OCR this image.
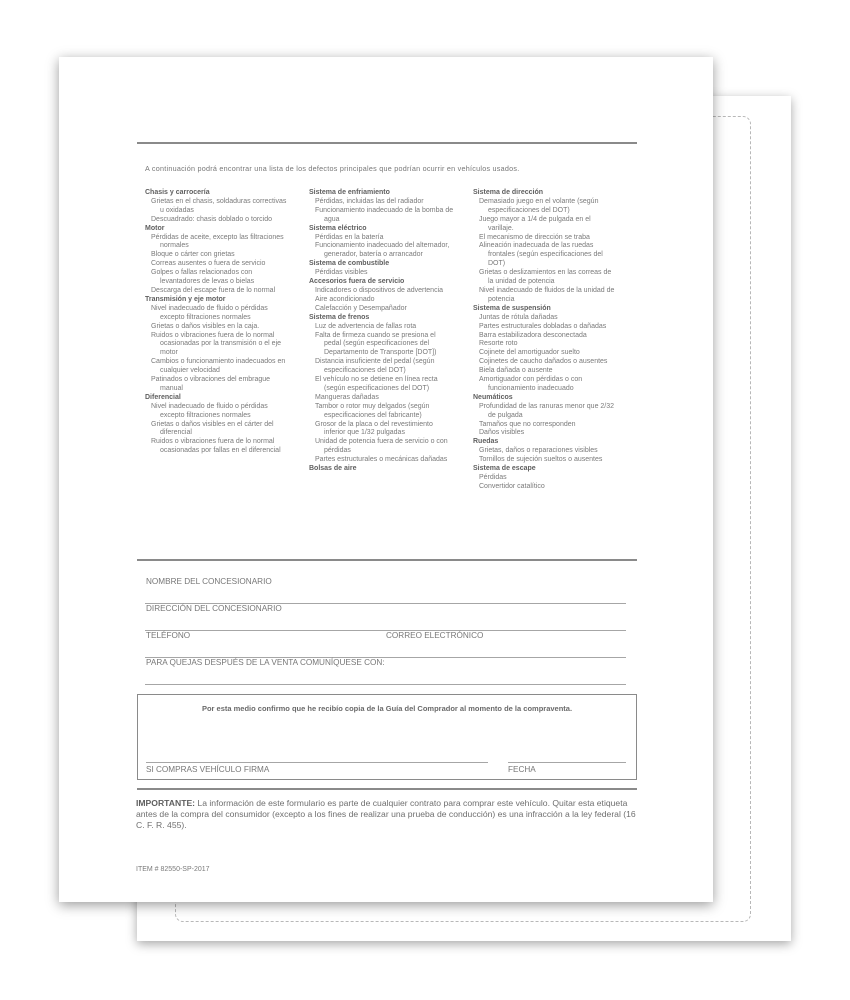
A continuación podrá encontrar una lista de los defectos principales que podrían ocurrir en vehículos usados.
Chasis y carrocería
Grietas en el chasis, soldaduras correctivas
u oxidadas
Descuadrado: chasis doblado o torcido
Motor
Pérdidas de aceite, excepto las filtraciones
normales
Bloque o cárter con grietas
Correas ausentes o fuera de servicio
Golpes o fallas relacionados con
levantadores de levas o bielas
Descarga del escape fuera de lo normal
Transmisión y eje motor
Nivel inadecuado de fluido o pérdidas
excepto filtraciones normales
Grietas o daños visibles en la caja.
Ruidos o vibraciones fuera de lo normal
ocasionadas por la transmisión o el eje
motor
Cambios o funcionamiento inadecuados en
cualquier velocidad
Patinados o vibraciones del embrague
manual
Diferencial
Nivel inadecuado de fluido o pérdidas
excepto filtraciones normales
Grietas o daños visibles en el cárter del
diferencial
Ruidos o vibraciones fuera de lo normal
ocasionadas por fallas en el diferencial
Sistema de enfriamiento
Pérdidas, incluidas las del radiador
Funcionamiento inadecuado de la bomba de
agua
Sistema eléctrico
Pérdidas en la batería
Funcionamiento inadecuado del alternador,
generador, batería o arrancador
Sistema de combustible
Pérdidas visibles
Accesorios fuera de servicio
Indicadores o dispositivos de advertencia
Aire acondicionado
Calefacción y Desempañador
Sistema de frenos
Luz de advertencia de fallas rota
Falta de firmeza cuando se presiona el
pedal (según especificaciones del
Departamento de Transporte [DOT])
Distancia insuficiente del pedal (según
especificaciones del DOT)
El vehículo no se detiene en línea recta
(según especificaciones del DOT)
Mangueras dañadas
Tambor o rotor muy delgados (según
especificaciones del fabricante)
Grosor de la placa o del revestimiento
inferior que 1/32 pulgadas
Unidad de potencia fuera de servicio o con
pérdidas
Partes estructurales o mecánicas dañadas
Bolsas de aire
Sistema de dirección
Demasiado juego en el volante (según
especificaciones del DOT)
Juego mayor a 1/4 de pulgada en el
varillaje.
El mecanismo de dirección se traba
Alineación inadecuada de las ruedas
frontales (según especificaciones del
DOT)
Grietas o deslizamientos en las correas de
la unidad de potencia
Nivel inadecuado de fluidos de la unidad de
potencia
Sistema de suspensión
Juntas de rótula dañadas
Partes estructurales dobladas o dañadas
Barra estabilizadora desconectada
Resorte roto
Cojinete del amortiguador suelto
Cojinetes de caucho dañados o ausentes
Biela dañada o ausente
Amortiguador con pérdidas o con
funcionamiento inadecuado
Neumáticos
Profundidad de las ranuras menor que 2/32
de pulgada
Tamaños que no corresponden
Daños visibles
Ruedas
Grietas, daños o reparaciones visibles
Tornillos de sujeción sueltos o ausentes
Sistema de escape
Pérdidas
Convertidor catalítico
NOMBRE DEL CONCESIONARIO
DIRECCIÓN DEL CONCESIONARIO
TELÉFONO	CORREO ELECTRÓNICO
PARA QUEJAS DESPUÉS DE LA VENTA COMUNÍQUESE CON:
Por esta medio confirmo que he recibío copia de la Guía del Comprador al momento de la compraventa.
SI COMPRAS VEHÍCULO FIRMA	FECHA
IMPORTANTE: La información de este formulario es parte de cualquier contrato para comprar este vehículo. Quitar esta etiqueta antes de la compra del consumidor (excepto a los fines de realizar una prueba de conducción) es una infracción a la ley federal (16 C. F. R. 455).
ITEM # 82550-SP-2017
